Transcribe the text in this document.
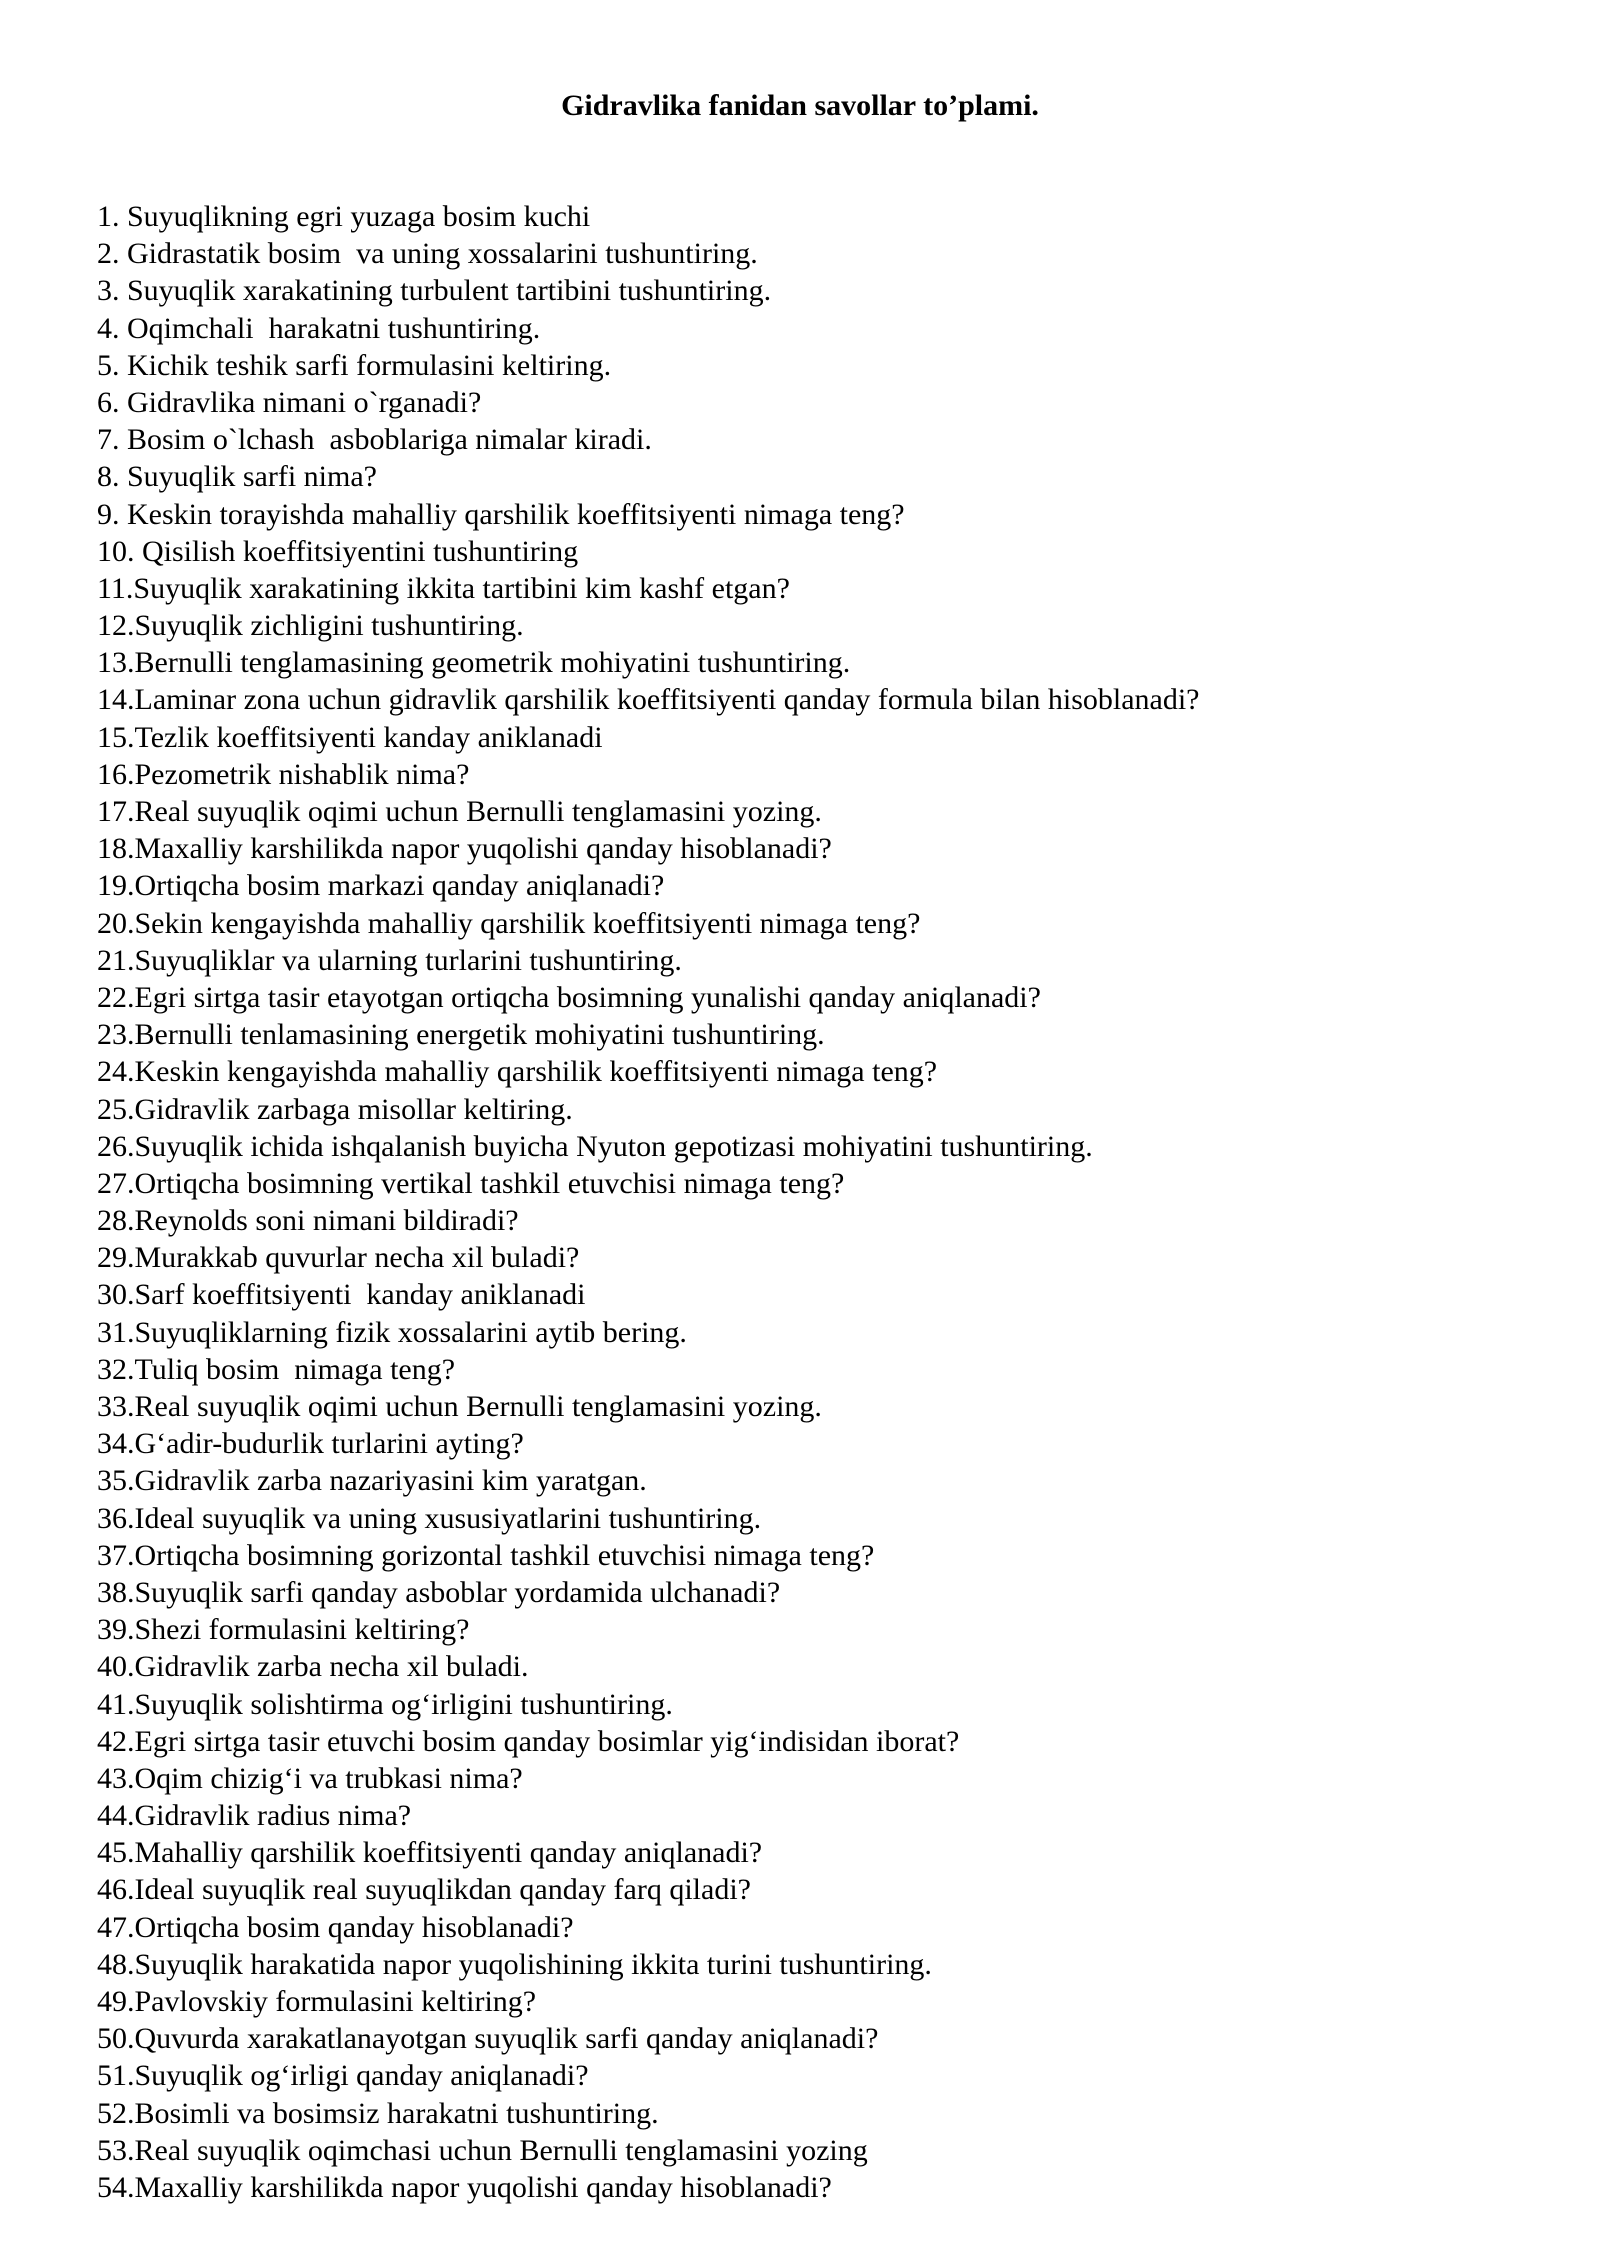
Gidravlika fanidan savollar to’plami.
1. Suyuqlikning egri yuzaga bosim kuchi
2. Gidrastatik bosim  va uning xossalarini tushuntiring.
3. Suyuqlik xarakatining turbulent tartibini tushuntiring.
4. Oqimchali  harakatni tushuntiring.
5. Kichik teshik sarfi formulasini keltiring.
6. Gidravlika nimani o`rganadi?
7. Bosim o`lchash  asboblariga nimalar kiradi.
8. Suyuqlik sarfi nima?
9. Keskin torayishda mahalliy qarshilik koeffitsiyenti nimaga teng?
10. Qisilish koeffitsiyentini tushuntiring
11.Suyuqlik xarakatining ikkita tartibini kim kashf etgan?
12.Suyuqlik zichligini tushuntiring.
13.Bernulli tenglamasining geometrik mohiyatini tushuntiring.
14.Laminar zona uchun gidravlik qarshilik koeffitsiyenti qanday formula bilan hisoblanadi?
15.Tezlik koeffitsiyenti kanday aniklanadi
16.Pezometrik nishablik nima?
17.Real suyuqlik oqimi uchun Bernulli tenglamasini yozing.
18.Maxalliy karshilikda napor yuqolishi qanday hisoblanadi?
19.Ortiqcha bosim markazi qanday aniqlanadi?
20.Sekin kengayishda mahalliy qarshilik koeffitsiyenti nimaga teng?
21.Suyuqliklar va ularning turlarini tushuntiring.
22.Egri sirtga tasir etayotgan ortiqcha bosimning yunalishi qanday aniqlanadi?
23.Bernulli tenlamasining energetik mohiyatini tushuntiring.
24.Keskin kengayishda mahalliy qarshilik koeffitsiyenti nimaga teng?
25.Gidravlik zarbaga misollar keltiring.
26.Suyuqlik ichida ishqalanish buyicha Nyuton gepotizasi mohiyatini tushuntiring.
27.Ortiqcha bosimning vertikal tashkil etuvchisi nimaga teng?
28.Reynolds soni nimani bildiradi?
29.Murakkab quvurlar necha xil buladi?
30.Sarf koeffitsiyenti  kanday aniklanadi
31.Suyuqliklarning fizik xossalarini aytib bering.
32.Tuliq bosim  nimaga teng?
33.Real suyuqlik oqimi uchun Bernulli tenglamasini yozing.
34.G‘adir-budurlik turlarini ayting?
35.Gidravlik zarba nazariyasini kim yaratgan.
36.Ideal suyuqlik va uning xususiyatlarini tushuntiring.
37.Ortiqcha bosimning gorizontal tashkil etuvchisi nimaga teng?
38.Suyuqlik sarfi qanday asboblar yordamida ulchanadi?
39.Shezi formulasini keltiring?
40.Gidravlik zarba necha xil buladi.
41.Suyuqlik solishtirma og‘irligini tushuntiring.
42.Egri sirtga tasir etuvchi bosim qanday bosimlar yig‘indisidan iborat?
43.Oqim chizig‘i va trubkasi nima?
44.Gidravlik radius nima?
45.Mahalliy qarshilik koeffitsiyenti qanday aniqlanadi?
46.Ideal suyuqlik real suyuqlikdan qanday farq qiladi?
47.Ortiqcha bosim qanday hisoblanadi?
48.Suyuqlik harakatida napor yuqolishining ikkita turini tushuntiring.
49.Pavlovskiy formulasini keltiring?
50.Quvurda xarakatlanayotgan suyuqlik sarfi qanday aniqlanadi?
51.Suyuqlik og‘irligi qanday aniqlanadi?
52.Bosimli va bosimsiz harakatni tushuntiring.
53.Real suyuqlik oqimchasi uchun Bernulli tenglamasini yozing
54.Maxalliy karshilikda napor yuqolishi qanday hisoblanadi?
